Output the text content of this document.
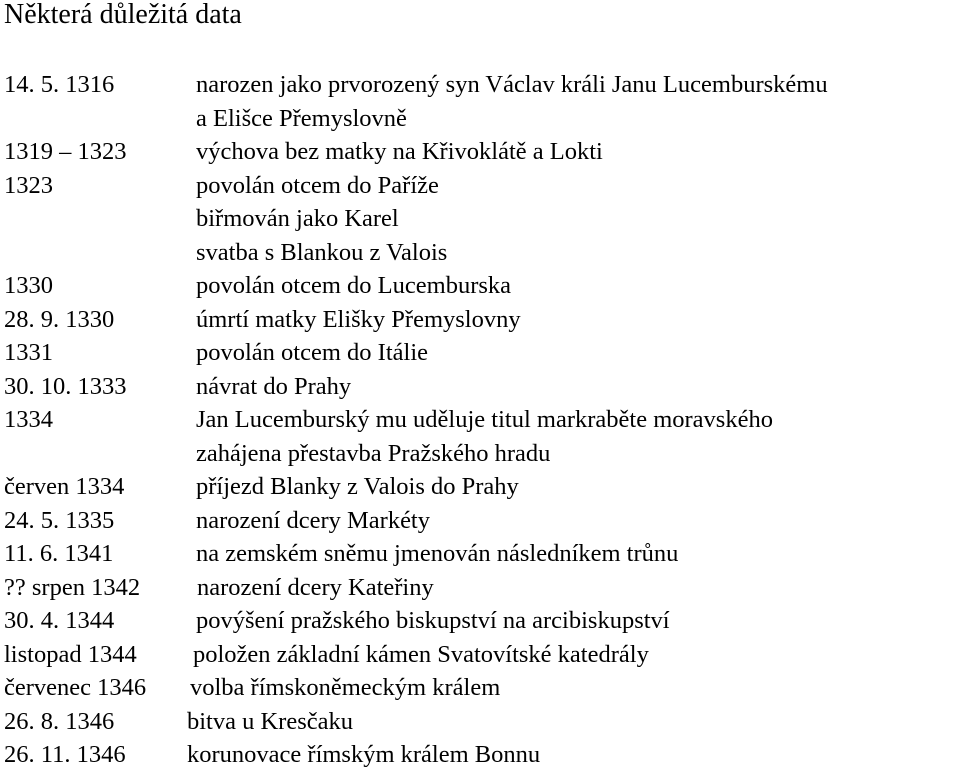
Některá důležitá data
14. 5. 1316	narozen jako prvorozený syn Václav králi Janu Lucemburskému
a Elišce Přemyslovně
1319 – 1323	výchova bez matky na Křivoklátě a Lokti
1323	povolán otcem do Paříže
biřmován jako Karel
svatba s Blankou z Valois
1330	povolán otcem do Lucemburska
28. 9. 1330	úmrtí matky Elišky Přemyslovny
1331	povolán otcem do Itálie
30. 10. 1333	návrat do Prahy
1334	Jan Lucemburský mu uděluje titul markraběte moravského
zahájena přestavba Pražského hradu
červen 1334	příjezd Blanky z Valois do Prahy
24. 5. 1335	narození dcery Markéty
11. 6. 1341	na zemském sněmu jmenován následníkem trůnu
?? srpen 1342 narození dcery Kateřiny
30. 4. 1344	povýšení pražského biskupství na arcibiskupství
listopad 1344 položen základní kámen Svatovítské katedrály
červenec 1346 volba římskoněmeckým králem
26. 8. 1346	bitva u Kresčaku
26. 11. 1346	korunovace římským králem Bonnu
